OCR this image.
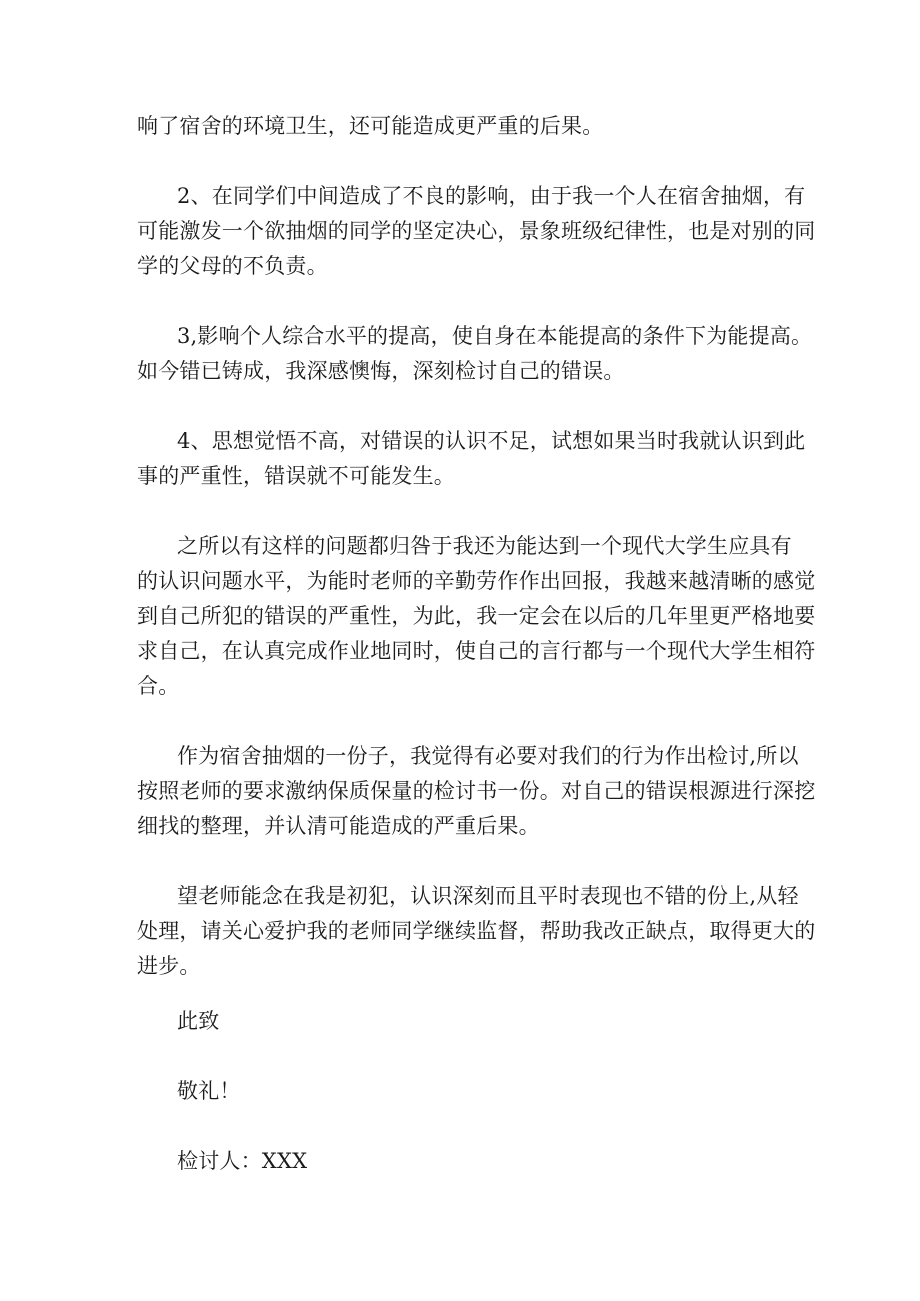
响了宿舍的环境卫生，还可能造成更严重的后果。
2、在同学们中间造成了不良的影响，由于我一个人在宿舍抽烟，有
可能激发一个欲抽烟的同学的坚定决心，景象班级纪律性，也是对别的同
学的父母的不负责。
3,影响个人综合水平的提高，使自身在本能提高的条件下为能提高。
如今错已铸成，我深感懊悔，深刻检讨自己的错误。
4、思想觉悟不高，对错误的认识不足，试想如果当时我就认识到此
事的严重性，错误就不可能发生。
之所以有这样的问题都归咎于我还为能达到一个现代大学生应具有
的认识问题水平，为能时老师的辛勤劳作作出回报，我越来越清晰的感觉
到自己所犯的错误的严重性，为此，我一定会在以后的几年里更严格地要
求自己，在认真完成作业地同时，使自己的言行都与一个现代大学生相符
合。
作为宿舍抽烟的一份子，我觉得有必要对我们的行为作出检讨,所以
按照老师的要求激纳保质保量的检讨书一份。对自己的错误根源进行深挖
细找的整理，并认清可能造成的严重后果。
望老师能念在我是初犯，认识深刻而且平时表现也不错的份上,从轻
处理，请关心爱护我的老师同学继续监督，帮助我改正缺点，取得更大的
进步。
此致
敬礼！
检讨人：XXX
